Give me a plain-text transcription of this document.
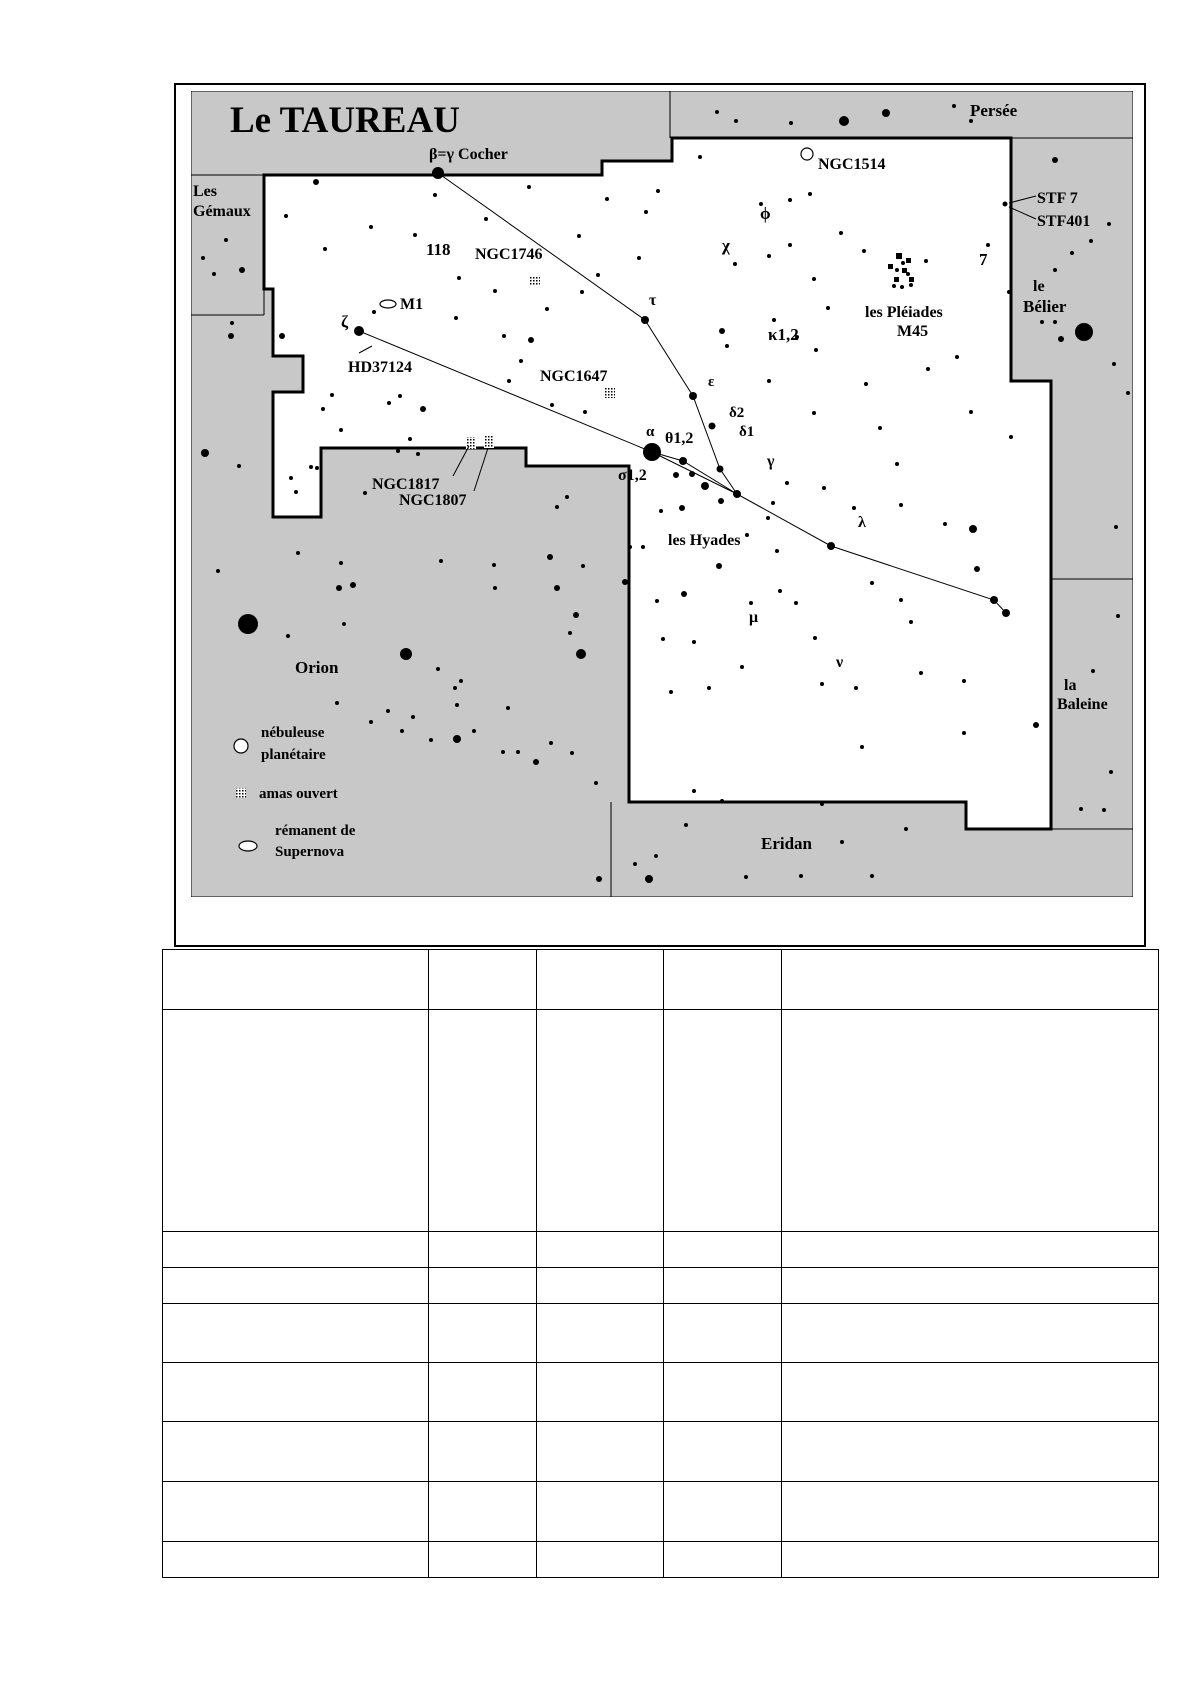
Le TAUREAU	Persée
Les
Gémaux
le
Bélier
Orion
la
Baleine
Eridan
β=γ Cocher
NGC1514
STF 7
STF401
118 NGC1746	χ
ϕ
7
M1
ζ
HD37124
τ
κ1,2
les Pléiades
M45
NGC1647	ε
δ2
δ1
α θ1,2
γ
σ1,2
NGC1817
NGC1807
λ
les Hyades
μ
ν
nébuleuse
planétaire
amas ouvert
rémanent de
Supernova
